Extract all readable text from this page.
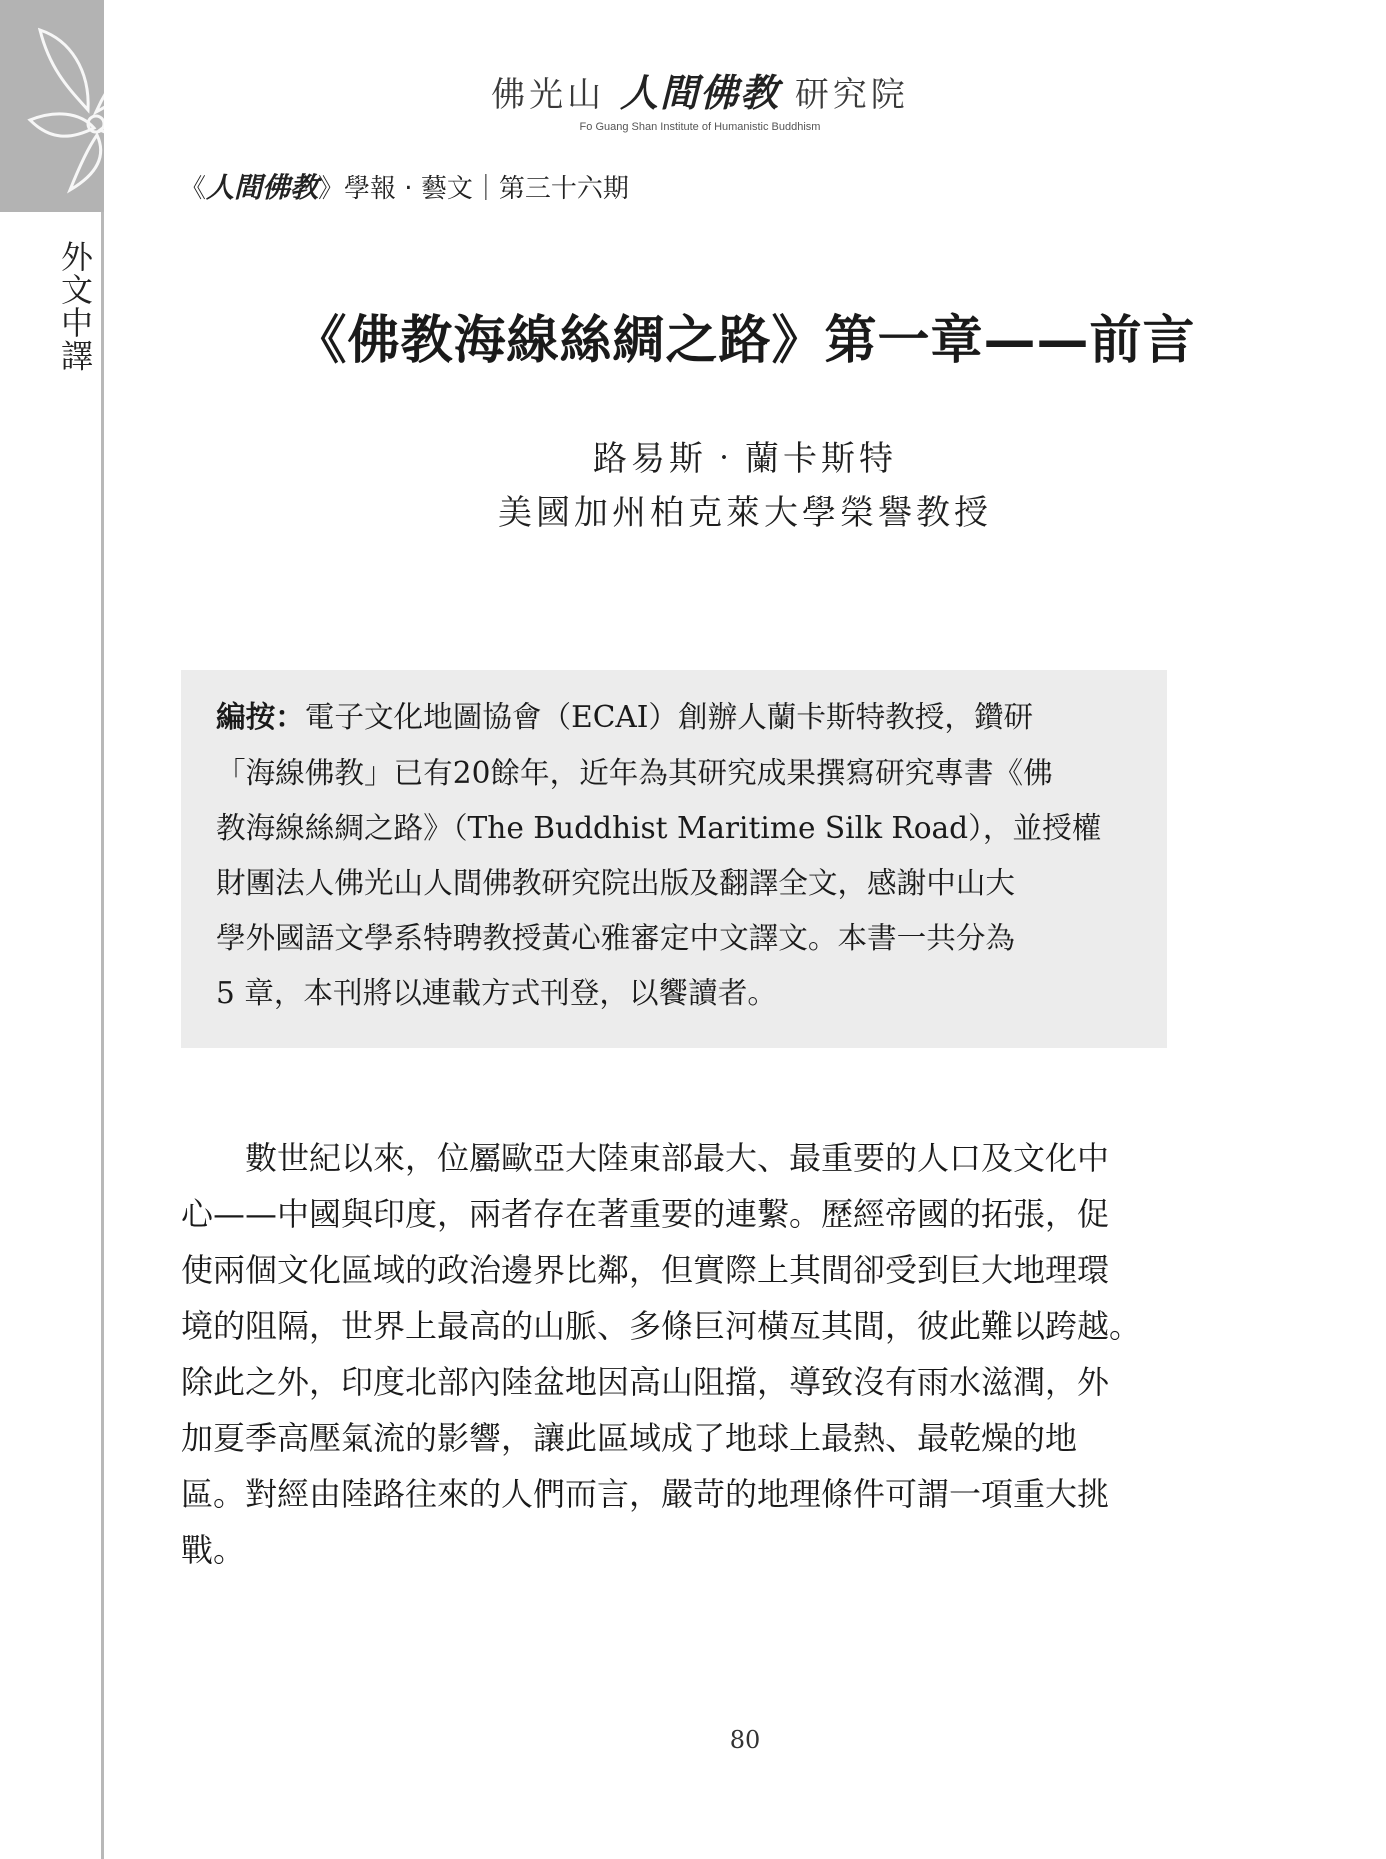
外文中譯
佛光山 人間佛教 研究院
Fo Guang Shan Institute of Humanistic Buddhism
《人間佛教》學報 ‧ 藝文｜第三十六期
《佛教海線絲綢之路》第一章——前言
路易斯‧蘭卡斯特
美國加州柏克萊大學榮譽教授
編按：電子文化地圖協會（ECAI）創辦人蘭卡斯特教授，鑽研
「海線佛教」已有20餘年，近年為其研究成果撰寫研究專書《佛
教海線絲綢之路》（The Buddhist Maritime Silk Road），並授權
財團法人佛光山人間佛教研究院出版及翻譯全文，感謝中山大
學外國語文學系特聘教授黃心雅審定中文譯文。本書一共分為
5 章，本刊將以連載方式刊登，以饗讀者。
　　數世紀以來，位屬歐亞大陸東部最大、最重要的人口及文化中
心——中國與印度，兩者存在著重要的連繫。歷經帝國的拓張，促
使兩個文化區域的政治邊界比鄰，但實際上其間卻受到巨大地理環
境的阻隔，世界上最高的山脈、多條巨河橫亙其間，彼此難以跨越。
除此之外，印度北部內陸盆地因高山阻擋，導致沒有雨水滋潤，外
加夏季高壓氣流的影響，讓此區域成了地球上最熱、最乾燥的地
區。對經由陸路往來的人們而言，嚴苛的地理條件可謂一項重大挑
戰。
80
